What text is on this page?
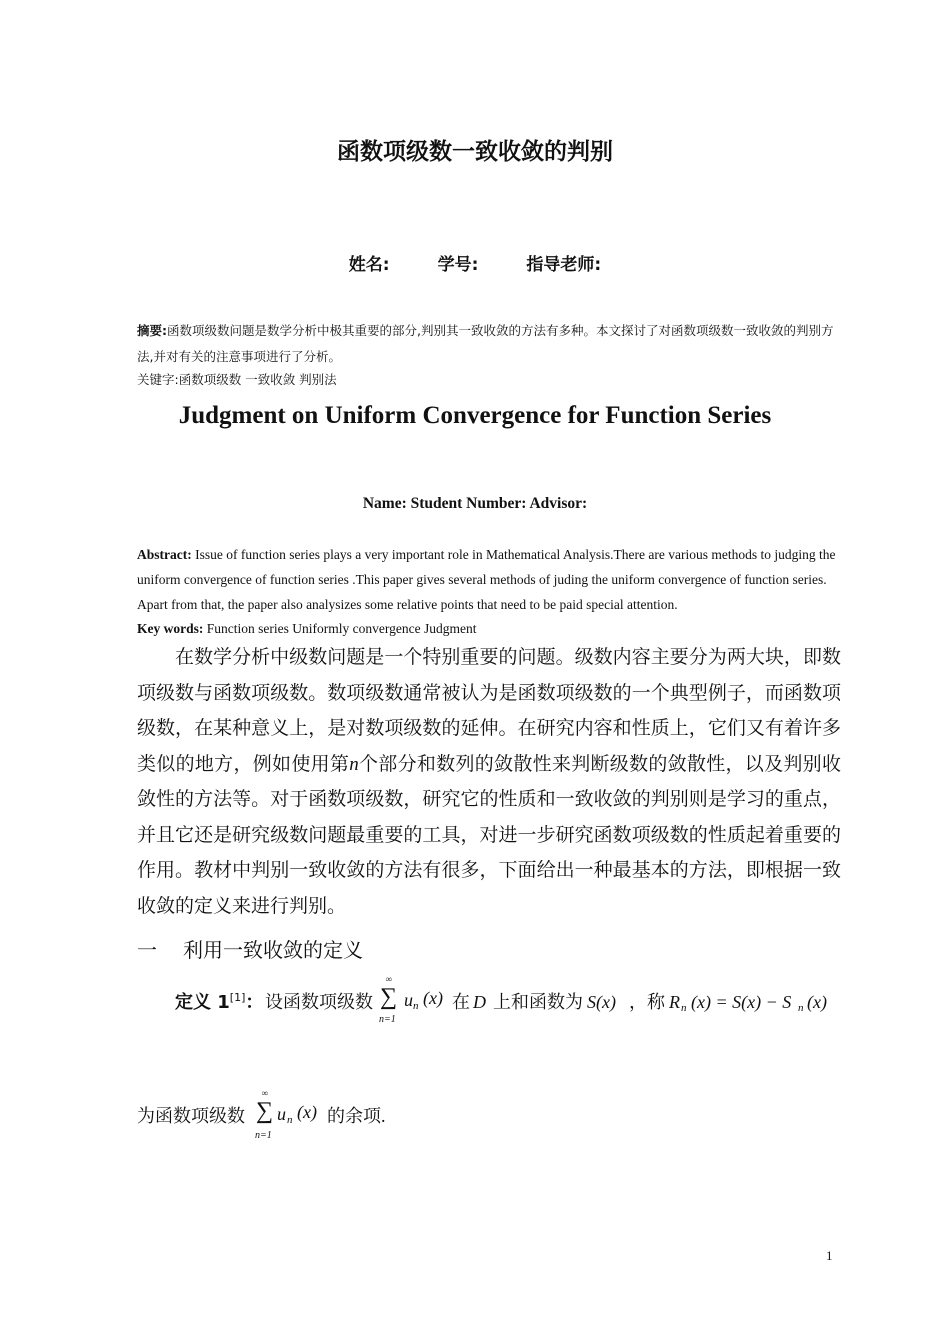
函数项级数一致收敛的判别
姓名:	学号:	指导老师:
摘要:函数项级数问题是数学分析中极其重要的部分,判别其一致收敛的方法有多种。本文探讨了对函数项级数一致收敛的判别方法,并对有关的注意事项进行了分析。
关键字:函数项级数 一致收敛 判别法
Judgment on Uniform Convergence for Function Series
Name: Student Number: Advisor:
Abstract: Issue of function series plays a very important role in Mathematical Analysis.There are various methods to judging the uniform convergence of function series .This paper gives several methods of juding the uniform convergence of function series. Apart from that, the paper also analysizes some relative points that need to be paid special attention.
Key words: Function series Uniformly convergence Judgment
在数学分析中级数问题是一个特别重要的问题。级数内容主要分为两大块，即数项级数与函数项级数。数项级数通常被认为是函数项级数的一个典型例子，而函数项级数，在某种意义上，是对数项级数的延伸。在研究内容和性质上，它们又有着许多类似的地方，例如使用第n个部分和数列的敛散性来判断级数的敛散性，以及判别收敛性的方法等。对于函数项级数，研究它的性质和一致收敛的判别则是学习的重点，并且它还是研究级数问题最重要的工具，对进一步研究函数项级数的性质起着重要的作用。教材中判别一致收敛的方法有很多，下面给出一种最基本的方法，即根据一致收敛的定义来进行判别。
一 利用一致收敛的定义
定义 1[1]： 设函数项级数
∞
∑
n=1
u n (x) 在 D 上和函数为 S(x) ，称 R n (x) = S(x) − S n (x)
为函数项级数
∞
∑
n=1
u n (x) 的余项.
1
